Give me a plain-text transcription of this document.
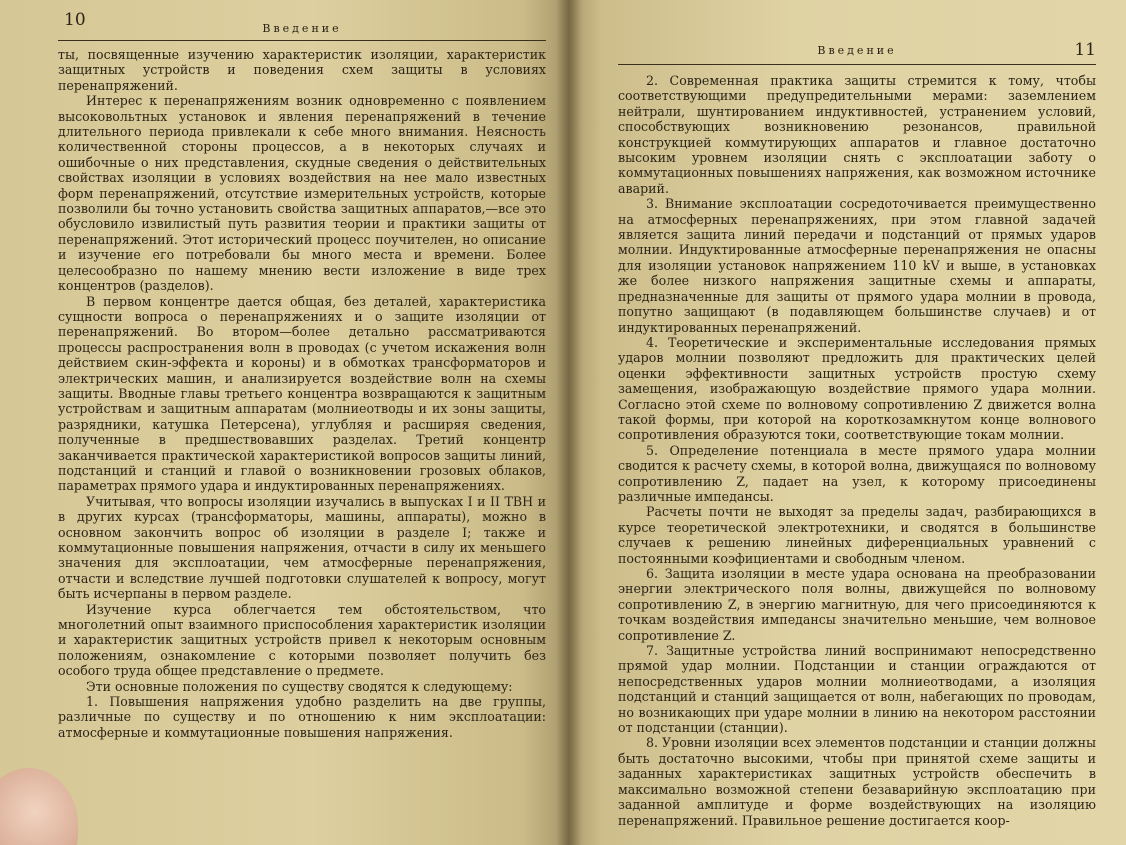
10	Введение

ты, посвященные изучению характеристик изоляции, характеристик защитных устройств и поведения схем защиты в условиях перенапряжений.

Интерес к перенапряжениям возник одновременно с появлением высоковольтных установок и явления перенапряжений в течение длительного периода привлекали к себе много внимания. Неясность количественной стороны процессов, а в некоторых случаях и ошибочные о них представления, скудные сведения о действительных свойствах изоляции в условиях воздействия на нее мало известных форм перенапряжений, отсутствие измерительных устройств, которые позволили бы точно установить свойства защитных аппаратов,—все это обусловило извилистый путь развития теории и практики защиты от перенапряжений. Этот исторический процесс поучителен, но описание и изучение его потребовали бы много места и времени. Более целесообразно по нашему мнению вести изложение в виде трех концентров (разделов).

В первом концентре дается общая, без деталей, характеристика сущности вопроса о перенапряжениях и о защите изоляции от перенапряжений. Во втором—более детально рассматриваются процессы распространения волн в проводах (с учетом искажения волн действием скин-эффекта и короны) и в обмотках трансформаторов и электрических машин, и анализируется воздействие волн на схемы защиты. Вводные главы третьего концентра возвращаются к защитным устройствам и защитным аппаратам (молниеотводы и их зоны защиты, разрядники, катушка Петерсена), углубляя и расширяя сведения, полученные в предшествовавших разделах. Третий концентр заканчивается практической характеристикой вопросов защиты линий, подстанций и станций и главой о возникновении грозовых облаков, параметрах прямого удара и индуктированных перенапряжениях.

Учитывая, что вопросы изоляции изучались в выпусках I и II ТВН и в других курсах (трансформаторы, машины, аппараты), можно в основном закончить вопрос об изоляции в разделе I; также и коммутационные повышения напряжения, отчасти в силу их меньшего значения для эксплоатации, чем атмосферные перенапряжения, отчасти и вследствие лучшей подготовки слушателей к вопросу, могут быть исчерпаны в первом разделе.

Изучение курса облегчается тем обстоятельством, что многолетний опыт взаимного приспособления характеристик изоляции и характеристик защитных устройств привел к некоторым основным положениям, ознакомление с которыми позволяет получить без особого труда общее представление о предмете.

Эти основные положения по существу сводятся к следующему:

1. Повышения напряжения удобно разделить на две группы, различные по существу и по отношению к ним эксплоатации: атмосферные и коммутационные повышения напряжения.

Введение	11

2. Современная практика защиты стремится к тому, чтобы соответствующими предупредительными мерами: заземлением нейтрали, шунтированием индуктивностей, устранением условий, способствующих возникновению резонансов, правильной конструкцией коммутирующих аппаратов и главное достаточно высоким уровнем изоляции снять с эксплоатации заботу о коммутационных повышениях напряжения, как возможном источнике аварий.

3. Внимание эксплоатации сосредоточивается преимущественно на атмосферных перенапряжениях, при этом главной задачей является защита линий передачи и подстанций от прямых ударов молнии. Индуктированные атмосферные перенапряжения не опасны для изоляции установок напряжением 110 kV и выше, в установках же более низкого напряжения защитные схемы и аппараты, предназначенные для защиты от прямого удара молнии в провода, попутно защищают (в подавляющем большинстве случаев) и от индуктированных перенапряжений.

4. Теоретические и экспериментальные исследования прямых ударов молнии позволяют предложить для практических целей оценки эффективности защитных устройств простую схему замещения, изображающую воздействие прямого удара молнии. Согласно этой схеме по волновому сопротивлению Z движется волна такой формы, при которой на короткозамкнутом конце волнового сопротивления образуются токи, соответствующие токам молнии.

5. Определение потенциала в месте прямого удара молнии сводится к расчету схемы, в которой волна, движущаяся по волновому сопротивлению Z, падает на узел, к которому присоединены различные импедансы.

Расчеты почти не выходят за пределы задач, разбирающихся в курсе теоретической электротехники, и сводятся в большинстве случаев к решению линейных диференциальных уравнений с постоянными коэфициентами и свободным членом.

6. Защита изоляции в месте удара основана на преобразовании энергии электрического поля волны, движущейся по волновому сопротивлению Z, в энергию магнитную, для чего присоединяются к точкам воздействия импедансы значительно меньшие, чем волновое сопротивление Z.

7. Защитные устройства линий воспринимают непосредственно прямой удар молнии. Подстанции и станции ограждаются от непосредственных ударов молнии молниеотводами, а изоляция подстанций и станций защищается от волн, набегающих по проводам, но возникающих при ударе молнии в линию на некотором расстоянии от подстанции (станции).

8. Уровни изоляции всех элементов подстанции и станции должны быть достаточно высокими, чтобы при принятой схеме защиты и заданных характеристиках защитных устройств обеспечить в максимально возможной степени безаварийную эксплоатацию при заданной амплитуде и форме воздействующих на изоляцию перенапряжений. Правильное решение достигается коор-
